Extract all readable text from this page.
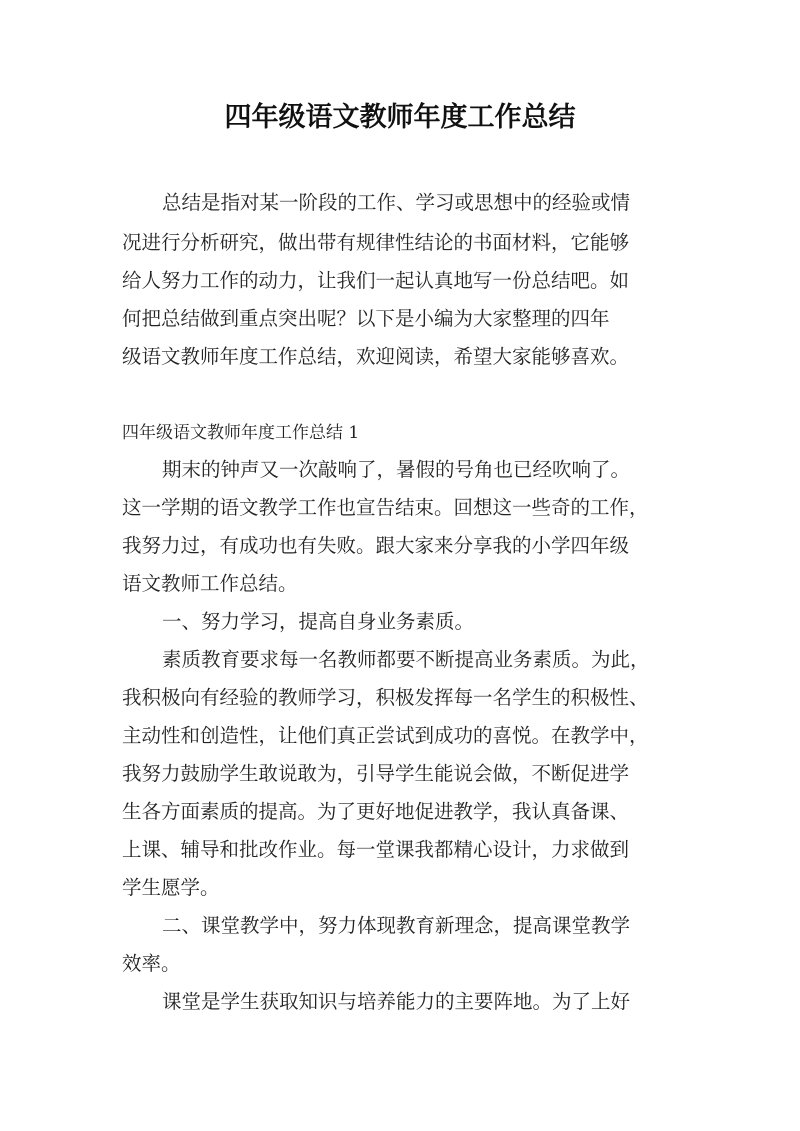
四年级语文教师年度工作总结
总结是指对某一阶段的工作、学习或思想中的经验或情
况进行分析研究，做出带有规律性结论的书面材料，它能够
给人努力工作的动力，让我们一起认真地写一份总结吧。如
何把总结做到重点突出呢？以下是小编为大家整理的四年
级语文教师年度工作总结，欢迎阅读，希望大家能够喜欢。
四年级语文教师年度工作总结 1
期末的钟声又一次敲响了，暑假的号角也已经吹响了。
这一学期的语文教学工作也宣告结束。回想这一些奇的工作，
我努力过，有成功也有失败。跟大家来分享我的小学四年级
语文教师工作总结。
一、努力学习，提高自身业务素质。
素质教育要求每一名教师都要不断提高业务素质。为此，
我积极向有经验的教师学习，积极发挥每一名学生的积极性、
主动性和创造性，让他们真正尝试到成功的喜悦。在教学中，
我努力鼓励学生敢说敢为，引导学生能说会做，不断促进学
生各方面素质的提高。为了更好地促进教学，我认真备课、
上课、辅导和批改作业。每一堂课我都精心设计，力求做到
学生愿学。
二、课堂教学中，努力体现教育新理念，提高课堂教学
效率。
课堂是学生获取知识与培养能力的主要阵地。为了上好
